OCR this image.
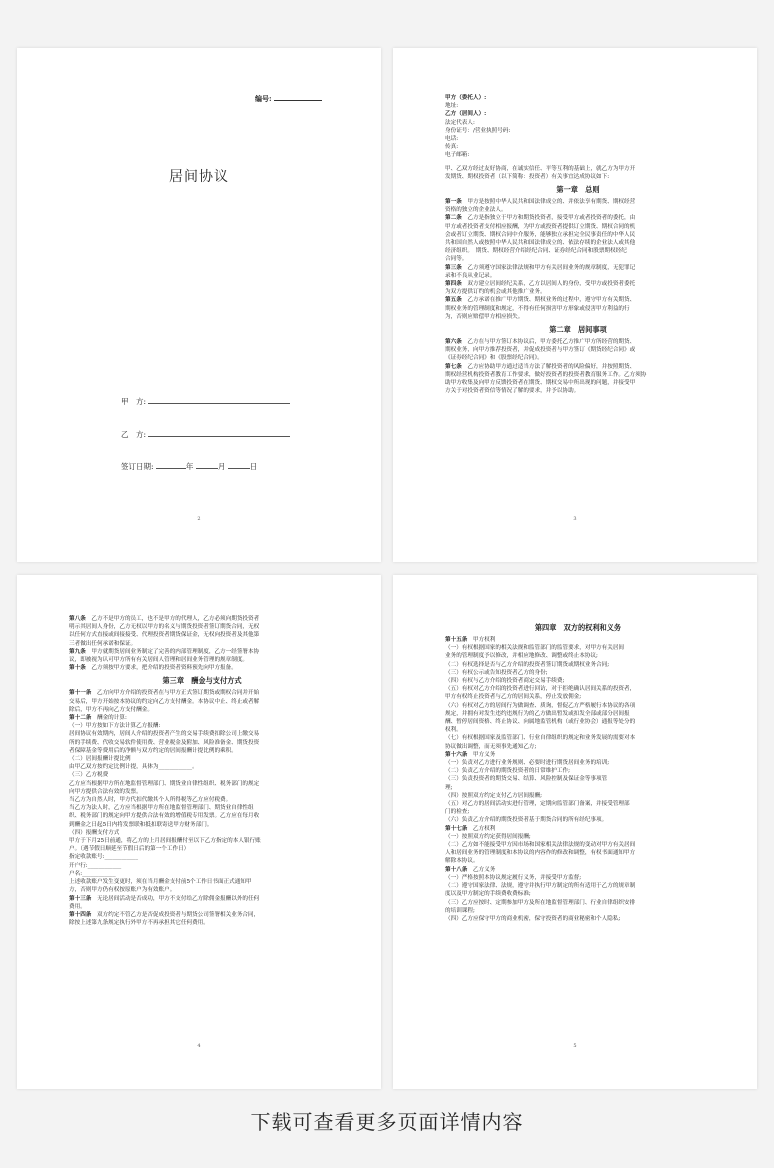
编号:
居间协议
甲　方:
乙　方:
签订日期:	年	月	日
2
甲方（委托人）:
地址:
乙方（居间人）:
法定代表人:
身份证号：/营业执照号码:
电话:
传真:
电子邮箱:
甲、乙双方经过友好协商，在诚实信任、平等互利的基础上，就乙方为甲方开
发期货、期权投资者（以下简称：投资者）有关事宜达成协议如下:
第一章　总则
第一条　甲方是按照中华人民共和国法律成立的、并依法享有期货、期权经营
资格的独立的企业法人。
第二条　乙方是指独立于甲方和期货投资者，接受甲方或者投资者的委托，由
甲方或者投资者支付相应报酬，为甲方或投资者提供订立期货、期权合同的机
会或者订立期货、期权合同中介服务，能够独立承担完全民事责任的中华人民
共和国自然人或按照中华人民共和国法律成立的、依法存续的企业法人或其他
经济组织。　期货、期权经营介绍经纪合同、证券经纪合同和股票期权经纪
合同等。
第三条　乙方须遵守国家法律法规和甲方有关居间业务的规章制度，无犯罪记
录和不良从业记录。
第四条　双方建立居间经纪关系，乙方以居间人的身份，受甲方或投资者委托
为双方提供订约的机会或其他推广业务。
第五条　乙方承诺在推广甲方期货、期权业务的过程中，遵守甲方有关期货、
期权业务的管理制度和规定，不得有任何损害甲方形象或侵害甲方利益的行
为，否则应赔偿甲方相应损失。
第二章　居间事项
第六条　乙方在与甲方签订本协议后，甲方委托乙方推广甲方所经营的期货、
期权业务，向甲方推荐投资者，并促成投资者与甲方签订《期货经纪合同》或
《证券经纪合同》和《股票经纪合同》。
第七条　乙方应协助甲方通过适当方法了解投资者的风险偏好，并按照期货、
期权经营机构投资者教育工作要求，做好投资者的投资者教育服务工作。乙方须协
助甲方收集及向甲方反馈投资者在期货、期权交易中所出现的问题，并接受甲
方关于对投资者资信等情况了解的要求，并予以协助。
3
第八条　乙方不是甲方的员工，也不是甲方的代理人，乙方必须向期货投资者
明示其居间人身份，乙方无权以甲方的名义与期货投资者签订期货合同，无权
以任何方式直接或间接接受、代理投资者期货保证金，无权向投资者及其他第
三者做出任何承诺和保证。
第九条　甲方就期货居间业务制定了完善的内部管理制度，乙方一经签署本协
议，即被视为认可甲方所有有关居间人管理和居间业务管理的规章制度。
第十条　乙方须按甲方要求，把介绍的投资者资料预先向甲方报备。
第三章　酬金与支付方式
第十一条　乙方向甲方介绍的投资者在与甲方正式签订期货或期权合同并开始
交易后，甲方开始按本协议的约定向乙方支付酬金。本协议中止、终止或者解
除后，甲方不再向乙方支付酬金。
第十二条　酬金的计算:
（一）甲方按如下方法计算乙方报酬:
居间协议有效期内，居间人介绍的投资者产生的交易手续费扣除公司上缴交易
所的手续费、代收交易软件使用费、营业税金及附加、风险准备金、期货投资
者保障基金等费用后的净额与双方约定的居间报酬计提比例的乘积。
（二）居间报酬计提比例
由甲乙双方按约定比例计提，具体为____________。
（三）乙方税费
乙方应当根据甲方所在地监督管理部门、期货业自律性组织、税务部门的规定
向甲方提供合法有效的发票。
当乙方为自然人时，甲方代扣代缴其个人所得税等乙方应付税费。
当乙方为法人时，乙方应当根据甲方所在地监督管理部门、期货业自律性组
织、税务部门的规定向甲方提供合法有效的增值税专用发票。乙方应在每月收
到酬金之日起5日内将发票联和抵扣联寄送甲方财务部门。
（四）报酬支付方式
甲方于下月25日前通，将乙方的上月居间报酬付至以下乙方指定的本人银行账
户。（遇节假日顺延至节假日后的第一个工作日）
指定收款账号:____________
开户行:____________
户名:____________
上述收款账户发生变更时，须在当月酬金支付前5个工作日书面正式通知甲
方，否则甲方仍有权按原账户为有效账户。
第十三条　无论居间活动是否成功，甲方不支付给乙方除佣金报酬以外的任何
费用。
第十四条　双方约定不管乙方是否促成投资者与期货公司签署相关业务合同，
除按上述第九条规定执行外甲方不再承担其它任何费用。
4
第四章　双方的权利和义务
第十五条　甲方权利
（一）有权根据国家的相关法规和监管部门的监管要求，对甲方有关居间
业务的管理制度予以修改，并相应地修改、调整或终止本协议;
（二）有权选择是否与乙方介绍的投资者签订期货或期权业务合同;
（三）有权公示或告知投资者乙方的身份;
（四）有权与乙方介绍的投资者商定交易手续费;
（五）有权对乙方介绍的投资者进行回访，对于拒绝确认居间关系的投资者，
甲方有权终止投资者与乙方的居间关系，停止发放佣金;
（六）有权对乙方的居间行为做调查、质询，督促乙方严格履行本协议的各项
规定，并拥有对发生违约违规行为的乙方做出暂发或扣发全部或部分居间报
酬、暂停居间资格、终止协议、向属地监管机构（或行业协会）通报等处分的
权利。
（七）有权根据国家及监管部门、行业自律组织的规定和业务发展的需要对本
协议做出调整，而无须事先通知乙方;
第十六条　甲方义务
（一）负责对乙方进行业务规则、必要时进行期货居间业务的培训;
（二）负责乙方介绍的期货投资者的日常维护工作;
（三）负责投资者的期货交易、结算、风险控制及保证金等事项管
理;
（四）按照双方约定支付乙方居间报酬;
（五）对乙方的居间活动实进行管理，定期向监管部门备案，并接受管理部
门的检查;
（六）负责乙方介绍的期货投资者基于期货合同的所有经纪事项。
第十七条　乙方权利
（一）按照双方约定获得居间报酬;
（二）乙方如不能接受甲方因市场和国家相关法律法规的变动对甲方有关居间
人和居间业务的管理制度和本协议的内容作的修改和调整，有权书面通知甲方
解除本协议。
第十八条　乙方义务
（一）严格按照本协议规定履行义务，并接受甲方监督;
（二）遵守国家法律、法规，遵守并执行甲方制定的所有适用于乙方的规章制
度以及甲方制定的手续费收费标准;
（三）乙方应按时、定期参加甲方及所在地监督管理部门、行业自律组织安排
的培训课程;
（四）乙方应保守甲方的商业机密，保守投资者的商业秘密和个人隐私;
5
下载可查看更多页面详情内容
